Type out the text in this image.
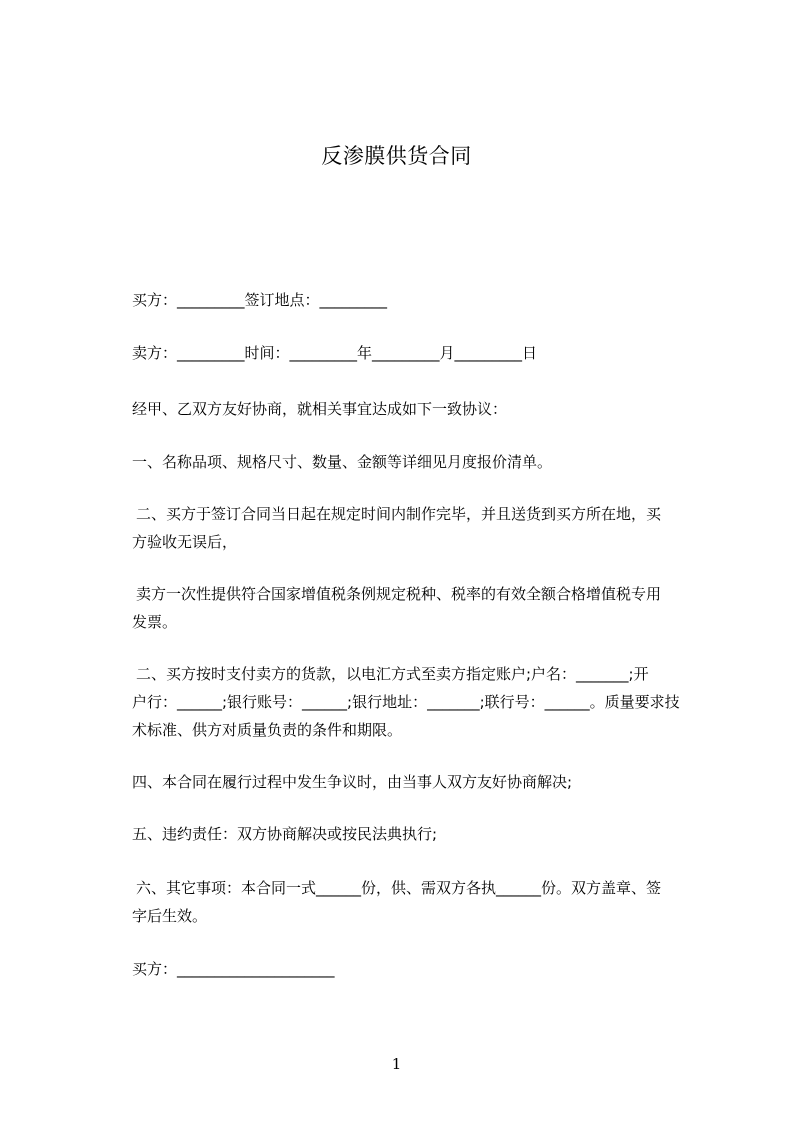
反渗膜供货合同
买方：_________签订地点：_________
卖方：_________时间：_________年_________月_________日
经甲、乙双方友好协商，就相关事宜达成如下一致协议：
一、名称品项、规格尺寸、数量、金额等详细见月度报价清单。
二、买方于签订合同当日起在规定时间内制作完毕，并且送货到买方所在地，买
方验收无误后，
卖方一次性提供符合国家增值税条例规定税种、税率的有效全额合格增值税专用
发票。
二、买方按时支付卖方的货款，以电汇方式至卖方指定账户;户名：_______;开
户行：______;银行账号：______;银行地址：_______;联行号：______。质量要求技
术标准、供方对质量负责的条件和期限。
四、本合同在履行过程中发生争议时，由当事人双方友好协商解决;
五、违约责任：双方协商解决或按民法典执行;
六、其它事项：本合同一式______份，供、需双方各执______份。双方盖章、签
字后生效。
买方：_____________________
1
